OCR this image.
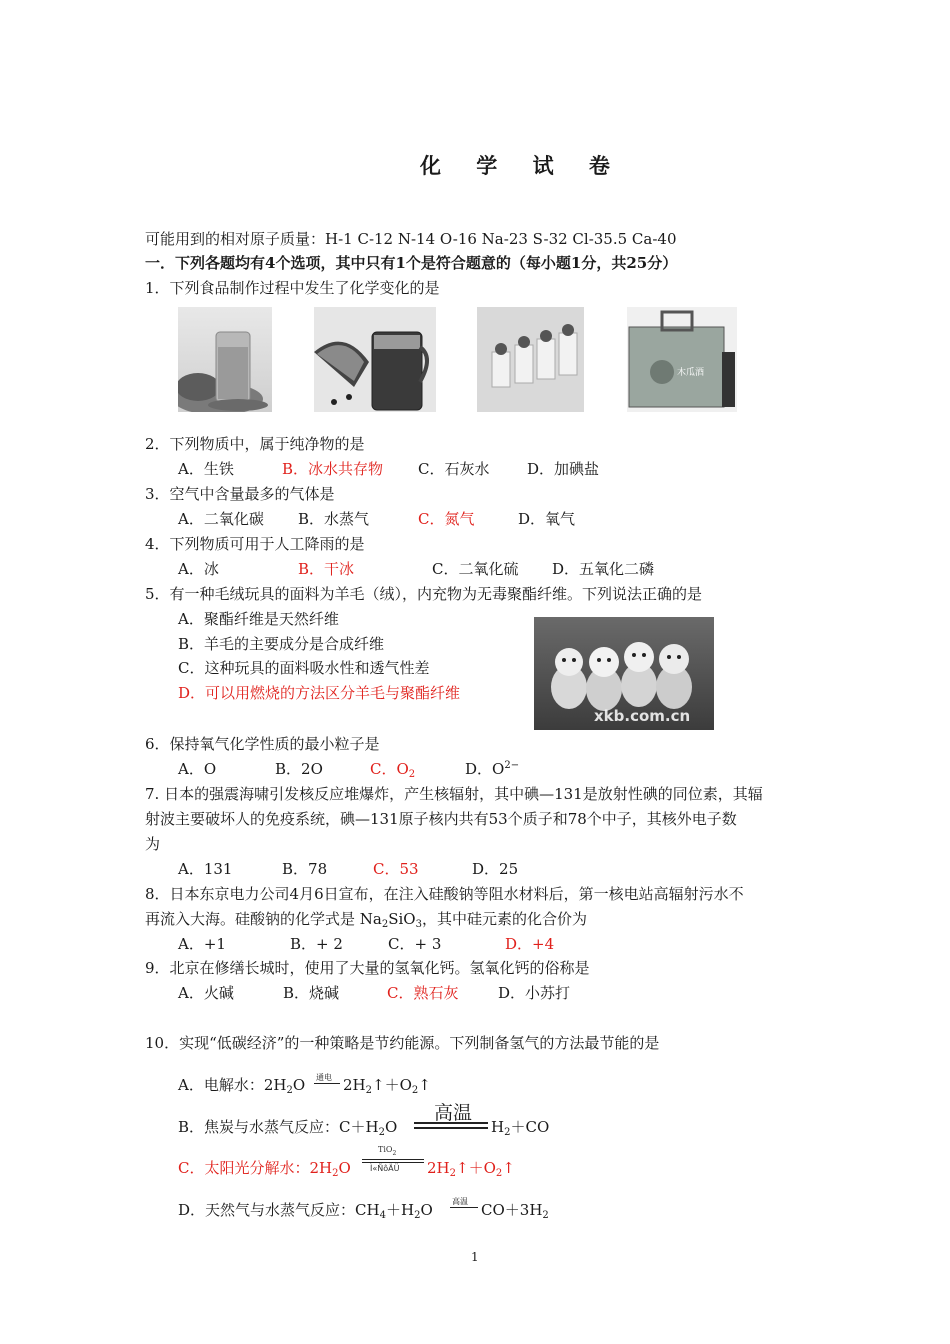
化 学 试 卷
可能用到的相对原子质量：H-1 C-12 N-14 O-16 Na-23 S-32 Cl-35.5 Ca-40
一．下列各题均有4个选项，其中只有1个是符合题意的（每小题1分，共25分）
1．下列食品制作过程中发生了化学变化的是
木瓜酒
2．下列物质中，属于纯净物的是
A．生铁	B．冰水共存物 C．石灰水	D．加碘盐
3．空气中含量最多的气体是
A．二氧化碳 B．水蒸气	C．氮气	D．氧气
4．下列物质可用于人工降雨的是
A．冰	B．干冰	C．二氧化硫 D．五氧化二磷
5．有一种毛绒玩具的面料为羊毛（绒），内充物为无毒聚酯纤维。下列说法正确的是
A．聚酯纤维是天然纤维
B．羊毛的主要成分是合成纤维
C．这种玩具的面料吸水性和透气性差
D．可以用燃烧的方法区分羊毛与聚酯纤维
xkb.com.cn
6．保持氧气化学性质的最小粒子是
A．O	B．2O	C．$O_2$	D．$O^{2-}$
7. 日本的强震海啸引发核反应堆爆炸，产生核辐射，其中碘—131是放射性碘的同位素，其辐
射波主要破坏人的免疫系统，碘—131原子核内共有53个质子和78个中子，其核外电子数
为
A．131	B．78	C．53	D．25
8．日本东京电力公司4月6日宣布，在注入硅酸钠等阻水材料后，第一核电站高辐射污水不
再流入大海。硅酸钠的化学式是 $Na_2SiO_3$，其中硅元素的化合价为
A．+1	B．+ 2	C．+ 3	D．+4
9．北京在修缮长城时，使用了大量的氢氧化钙。氢氧化钙的俗称是
A．火碱	B．烧碱	C．熟石灰	D．小苏打
10．实现“低碳经济”的一种策略是节约能源。下列制备氢气的方法最节能的是
A．电解水：$2H_2O$ 通电 $2H_2↑+O_2↑$
B．焦炭与水蒸气反应：$C+H_2O$
高温
$H_2+CO$
C．太阳光分解水：$2H_2O$
TiO$_2$
Ì«ÑôÄÜ $2H_2↑+O_2↑$
D．天然气与水蒸气反应：$CH_4+H_2O$ 高温 $CO+3H_2$
1
